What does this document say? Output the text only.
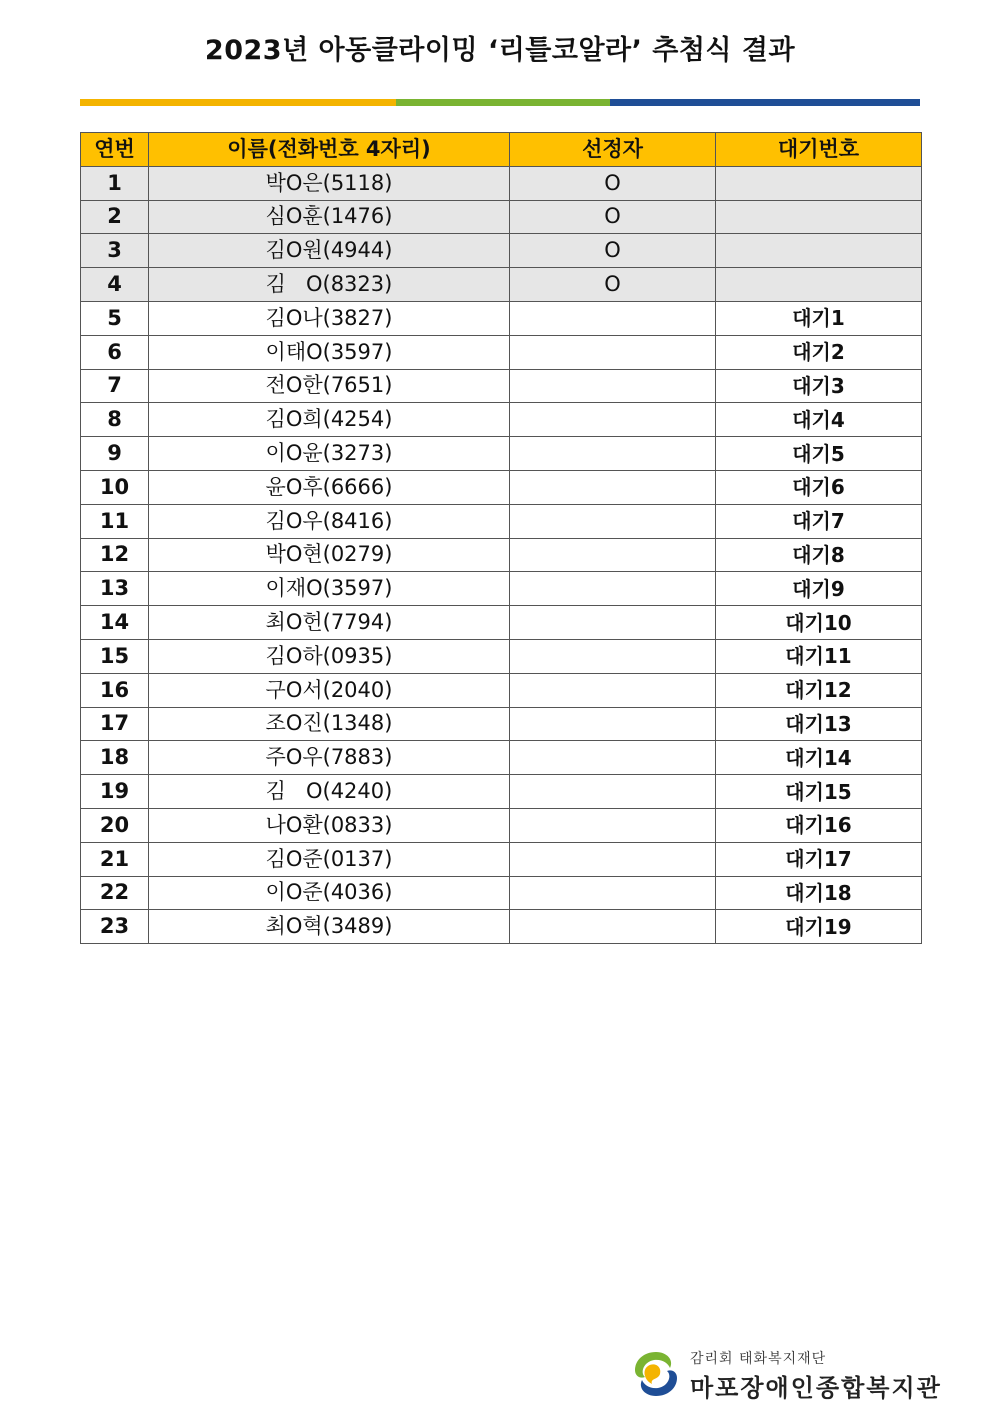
2023년 아동클라이밍 ‘리틀코알라’ 추첨식 결과
연번	이름(전화번호 4자리)	선정자	대기번호
1	박O은(5118)	O	
2	심O훈(1476)	O	
3	김O원(4944)	O	
4	김   O(8323)	O	
5	김O나(3827)		대기1
6	이태O(3597)		대기2
7	전O한(7651)		대기3
8	김O희(4254)		대기4
9	이O윤(3273)		대기5
10	윤O후(6666)		대기6
11	김O우(8416)		대기7
12	박O현(0279)		대기8
13	이재O(3597)		대기9
14	최O헌(7794)		대기10
15	김O하(0935)		대기11
16	구O서(2040)		대기12
17	조O진(1348)		대기13
18	주O우(7883)		대기14
19	김   O(4240)		대기15
20	나O환(0833)		대기16
21	김O준(0137)		대기17
22	이O준(4036)		대기18
23	최O혁(3489)		대기19
감리회 태화복지재단
마포장애인종합복지관
